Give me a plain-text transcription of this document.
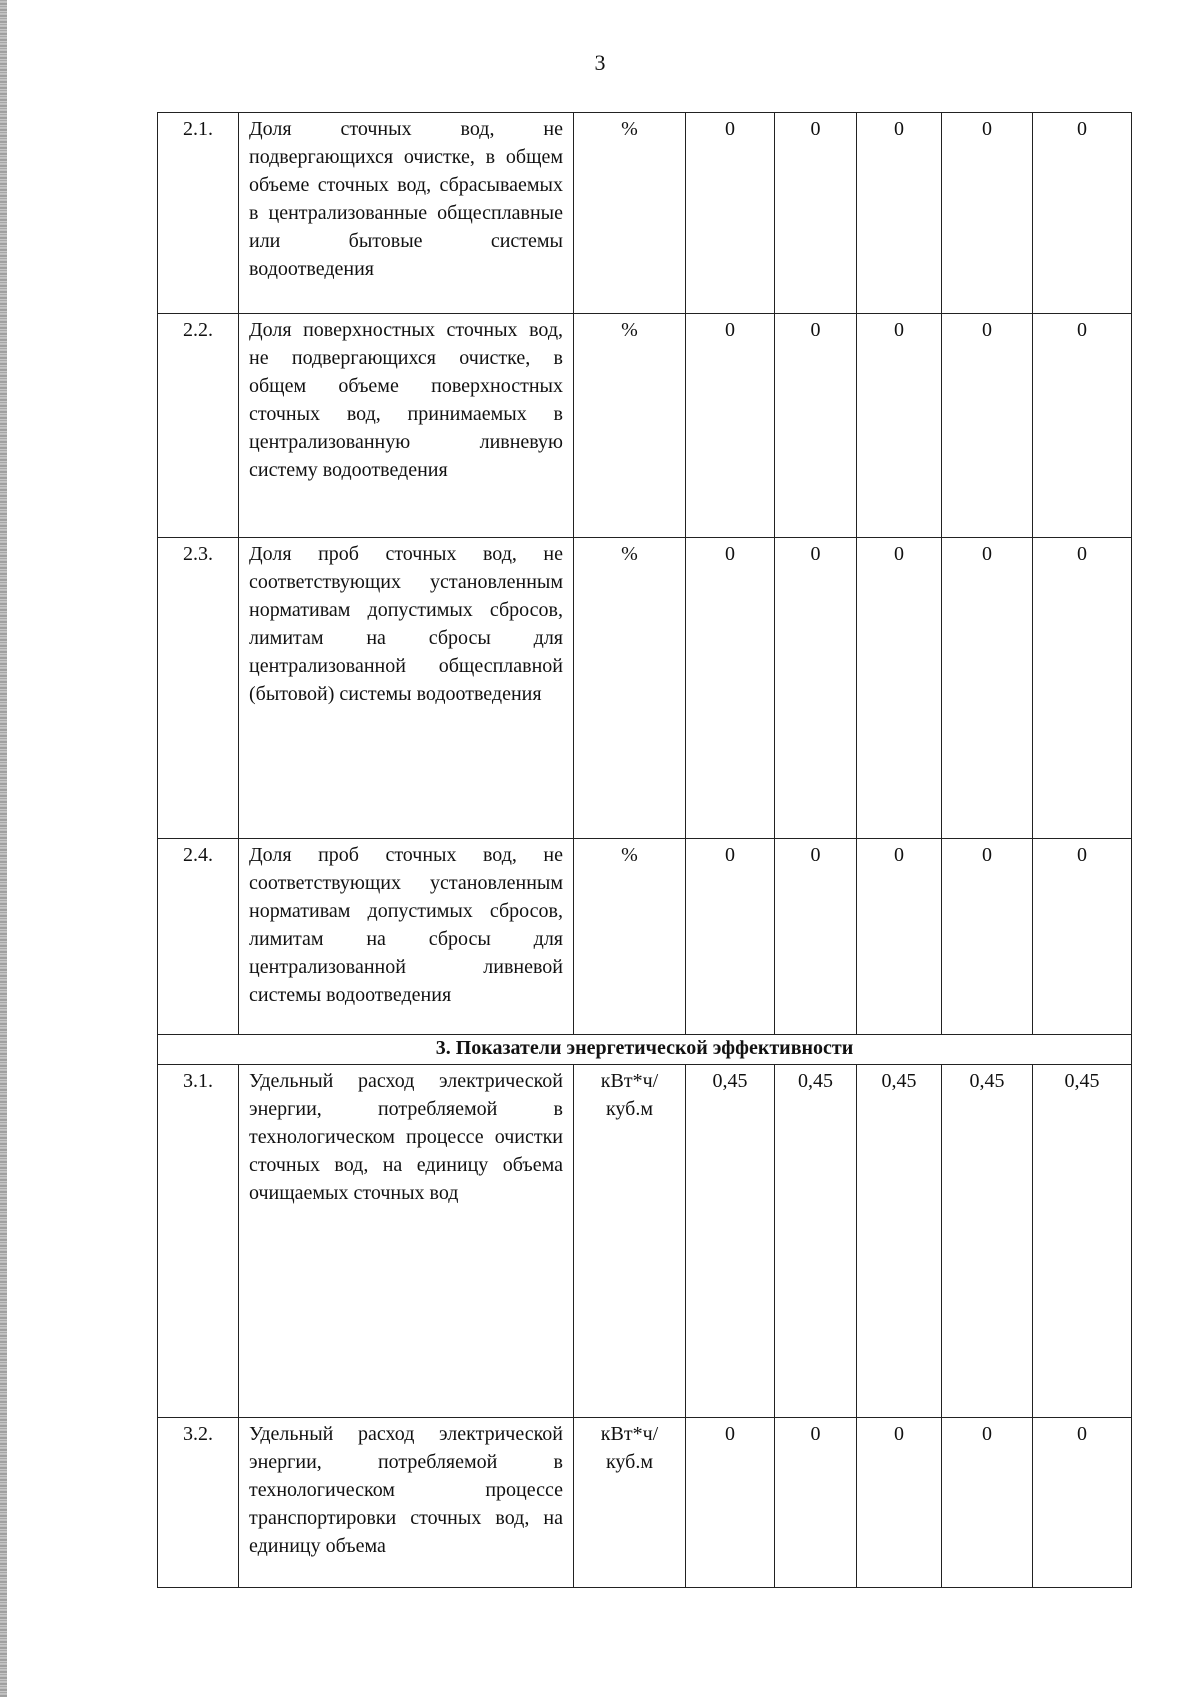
3
2.1.	Доля сточных вод, не подвергающихся очистке, в общем объеме сточных вод, сбрасываемых в централизованные общесплавные или бытовые системы водоотведения	%	0	0	0	0	0
2.2.	Доля поверхностных сточных вод, не подвергающихся очистке, в общем объеме поверхностных сточных вод, принимаемых в централизованную ливневую систему водоотведения	%	0	0	0	0	0
2.3.	Доля проб сточных вод, не соответствующих установленным нормативам допустимых сбросов, лимитам на сбросы для централизованной общесплавной (бытовой) системы водоотведения	%	0	0	0	0	0
2.4.	Доля проб сточных вод, не соответствующих установленным нормативам допустимых сбросов, лимитам на сбросы для централизованной ливневой системы водоотведения	%	0	0	0	0	0
3. Показатели энергетической эффективности							
3.1.	Удельный расход электрической энергии, потребляемой в технологическом процессе очистки сточных вод, на единицу объема очищаемых сточных вод	кВт*ч/ куб.м	0,45	0,45	0,45	0,45	0,45
3.2.	Удельный расход электрической энергии, потребляемой в технологическом процессе транспортировки сточных вод, на единицу объема	кВт*ч/ куб.м	0	0	0	0	0
